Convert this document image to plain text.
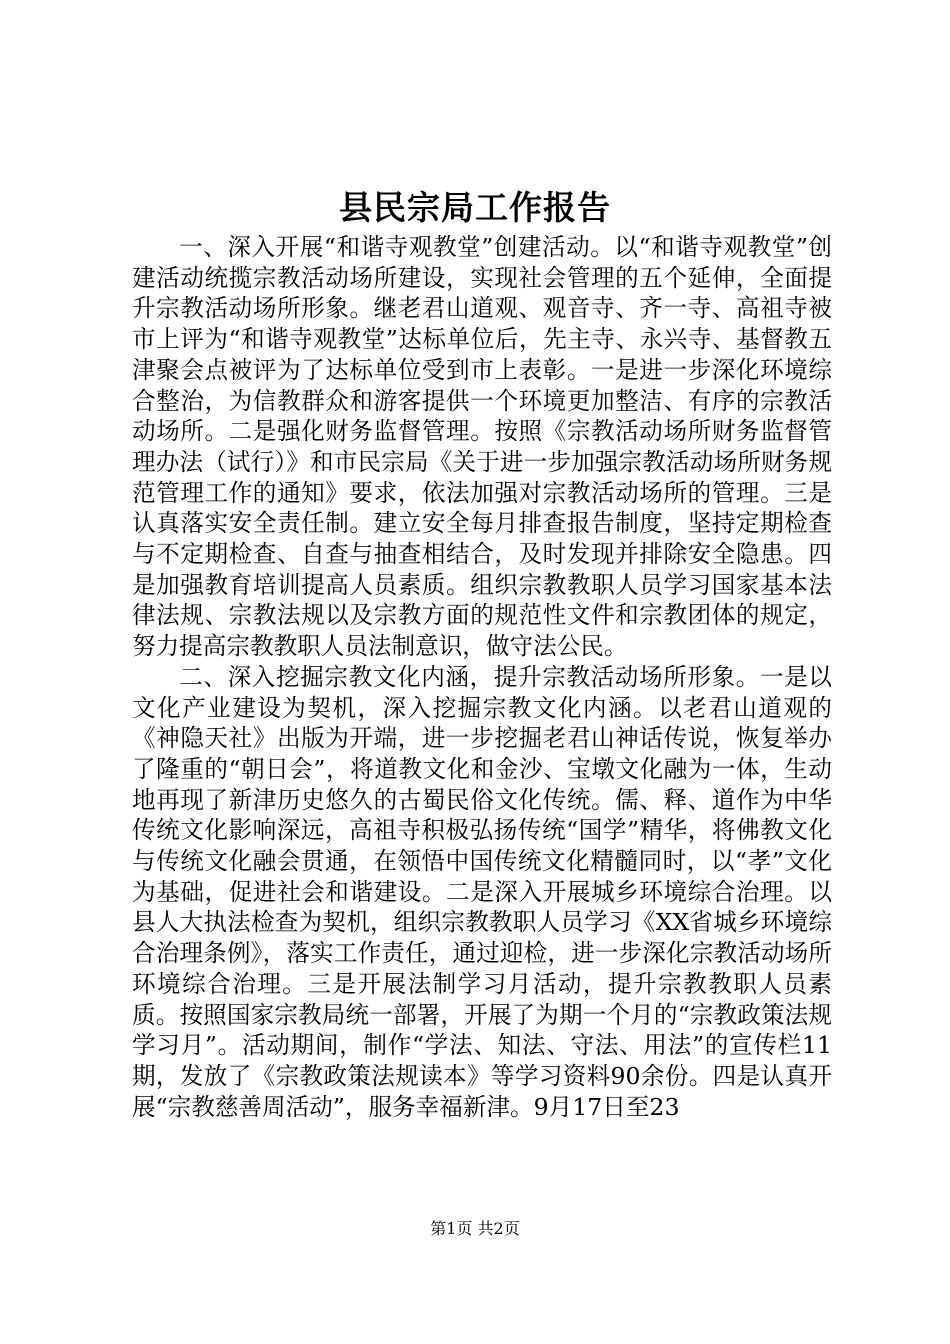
县民宗局工作报告

一、深入开展“和谐寺观教堂”创建活动。以“和谐寺观教堂”创建活动统揽宗教活动场所建设，实现社会管理的五个延伸，全面提升宗教活动场所形象。继老君山道观、观音寺、齐一寺、高祖寺被市上评为“和谐寺观教堂”达标单位后，先主寺、永兴寺、基督教五津聚会点被评为了达标单位受到市上表彰。一是进一步深化环境综合整治，为信教群众和游客提供一个环境更加整洁、有序的宗教活动场所。二是强化财务监督管理。按照《宗教活动场所财务监督管理办法（试行）》和市民宗局《关于进一步加强宗教活动场所财务规范管理工作的通知》要求，依法加强对宗教活动场所的管理。三是认真落实安全责任制。建立安全每月排查报告制度，坚持定期检查与不定期检查、自查与抽查相结合，及时发现并排除安全隐患。四是加强教育培训提高人员素质。组织宗教教职人员学习国家基本法律法规、宗教法规以及宗教方面的规范性文件和宗教团体的规定，努力提高宗教教职人员法制意识，做守法公民。

二、深入挖掘宗教文化内涵，提升宗教活动场所形象。一是以文化产业建设为契机，深入挖掘宗教文化内涵。以老君山道观的《神隐天社》出版为开端，进一步挖掘老君山神话传说，恢复举办了隆重的“朝日会”，将道教文化和金沙、宝墩文化融为一体，生动地再现了新津历史悠久的古蜀民俗文化传统。儒、释、道作为中华传统文化影响深远，高祖寺积极弘扬传统“国学”精华，将佛教文化与传统文化融会贯通，在领悟中国传统文化精髓同时，以“孝”文化为基础，促进社会和谐建设。二是深入开展城乡环境综合治理。以县人大执法检查为契机，组织宗教教职人员学习《XX省城乡环境综合治理条例》，落实工作责任，通过迎检，进一步深化宗教活动场所环境综合治理。三是开展法制学习月活动，提升宗教教职人员素质。按照国家宗教局统一部署，开展了为期一个月的“宗教政策法规学习月”。活动期间，制作“学法、知法、守法、用法”的宣传栏11期，发放了《宗教政策法规读本》等学习资料90余份。四是认真开展“宗教慈善周活动”，服务幸福新津。9月17日至23

第1页 共2页
